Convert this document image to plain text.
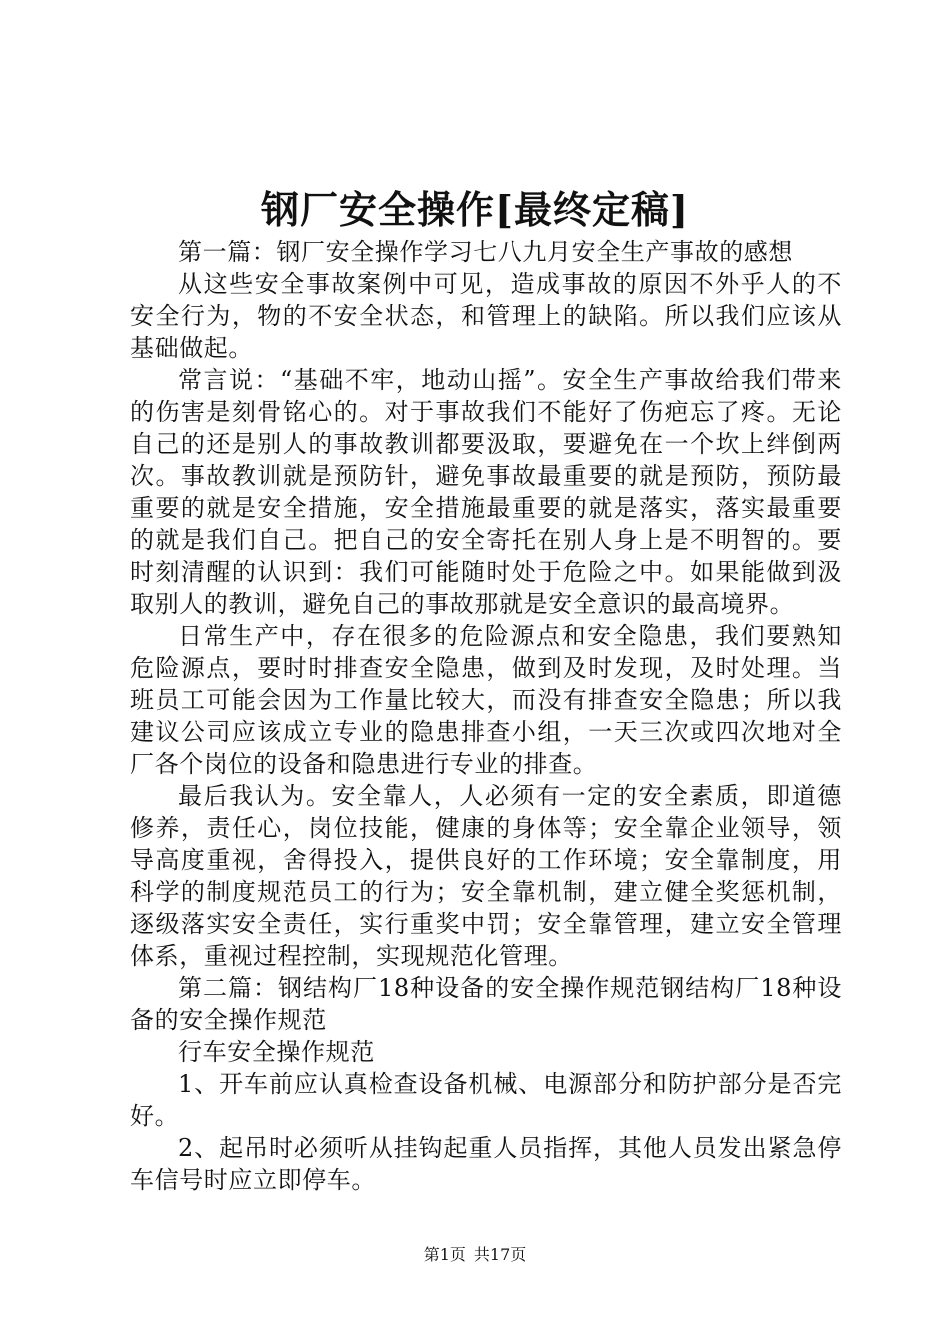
钢厂安全操作[最终定稿]

第一篇：钢厂安全操作学习七八九月安全生产事故的感想

从这些安全事故案例中可见，造成事故的原因不外乎人的不安全行为，物的不安全状态，和管理上的缺陷。所以我们应该从基础做起。

常言说：“基础不牢，地动山摇”。安全生产事故给我们带来的伤害是刻骨铭心的。对于事故我们不能好了伤疤忘了疼。无论自己的还是别人的事故教训都要汲取，要避免在一个坎上绊倒两次。事故教训就是预防针，避免事故最重要的就是预防，预防最重要的就是安全措施，安全措施最重要的就是落实，落实最重要的就是我们自己。把自己的安全寄托在别人身上是不明智的。要时刻清醒的认识到：我们可能随时处于危险之中。如果能做到汲取别人的教训，避免自己的事故那就是安全意识的最高境界。

日常生产中，存在很多的危险源点和安全隐患，我们要熟知危险源点，要时时排查安全隐患，做到及时发现，及时处理。当班员工可能会因为工作量比较大，而没有排查安全隐患；所以我建议公司应该成立专业的隐患排查小组，一天三次或四次地对全厂各个岗位的设备和隐患进行专业的排查。

最后我认为。安全靠人，人必须有一定的安全素质，即道德修养，责任心，岗位技能，健康的身体等；安全靠企业领导，领导高度重视，舍得投入，提供良好的工作环境；安全靠制度，用科学的制度规范员工的行为；安全靠机制，建立健全奖惩机制，逐级落实安全责任，实行重奖中罚；安全靠管理，建立安全管理体系，重视过程控制，实现规范化管理。

第二篇：钢结构厂18种设备的安全操作规范钢结构厂18种设备的安全操作规范

行车安全操作规范

1、开车前应认真检查设备机械、电源部分和防护部分是否完好。

2、起吊时必须听从挂钩起重人员指挥，其他人员发出紧急停车信号时应立即停车。

第1页 共17页
